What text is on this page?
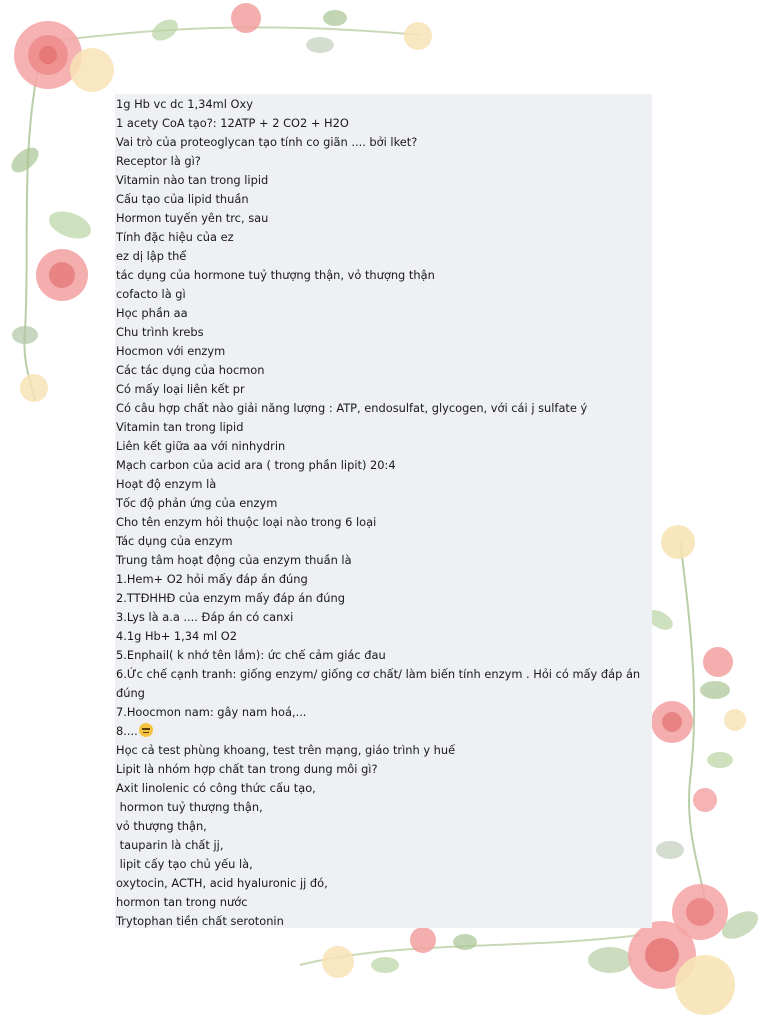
1g Hb vc dc 1,34ml Oxy
1 acety CoA tạo?: 12ATP + 2 CO2 + H2O
Vai trò của proteoglycan tạo tính co giãn .... bởi lket?
Receptor là gì?
Vitamin nào tan trong lipid
Cấu tạo của lipid thuần
Hormon tuyến yên trc, sau
Tính đặc hiệu của ez
ez dị lập thể
tác dụng của hormone tuỷ thượng thận, vỏ thượng thận
cofacto là gì
Học phần aa
Chu trình krebs
Hocmon với enzym
Các tác dụng của hocmon
Có mấy loại liên kết pr
Có câu hợp chất nào giải năng lượng : ATP, endosulfat, glycogen, với cái j sulfate ý
Vitamin tan trong lipid
Liên kết giữa aa với ninhydrin
Mạch carbon của acid ara ( trong phần lipit) 20:4
Hoạt độ enzym là
Tốc độ phản ứng của enzym
Cho tên enzym hỏi thuộc loại nào trong 6 loại
Tác dụng của enzym
Trung tâm hoạt động của enzym thuần là
1.Hem+ O2 hỏi mấy đáp án đúng
2.TTĐHHĐ của enzym mấy đáp án đúng
3.Lys là a.a .... Đáp án có canxi
4.1g Hb+ 1,34 ml O2
5.Enphail( k nhớ tên lắm): ức chế cảm giác đau
6.Ức chế cạnh tranh: giống enzym/ giống cơ chất/ làm biến tính enzym . Hỏi có mấy đáp án đúng
7.Hoocmon nam: gây nam hoá,...
8....
Học cả test phùng khoang, test trên mạng, giáo trình y huế
Lipit là nhóm hợp chất tan trong dung môi gì?
Axit linolenic có công thức cấu tạo,
hormon tuỷ thượng thận,
vỏ thượng thận,
tauparin là chất jj,
lipit cấy tạo chủ yếu là,
oxytocin, ACTH, acid hyaluronic jj đó,
hormon tan trong nước
Trytophan tiền chất serotonin
